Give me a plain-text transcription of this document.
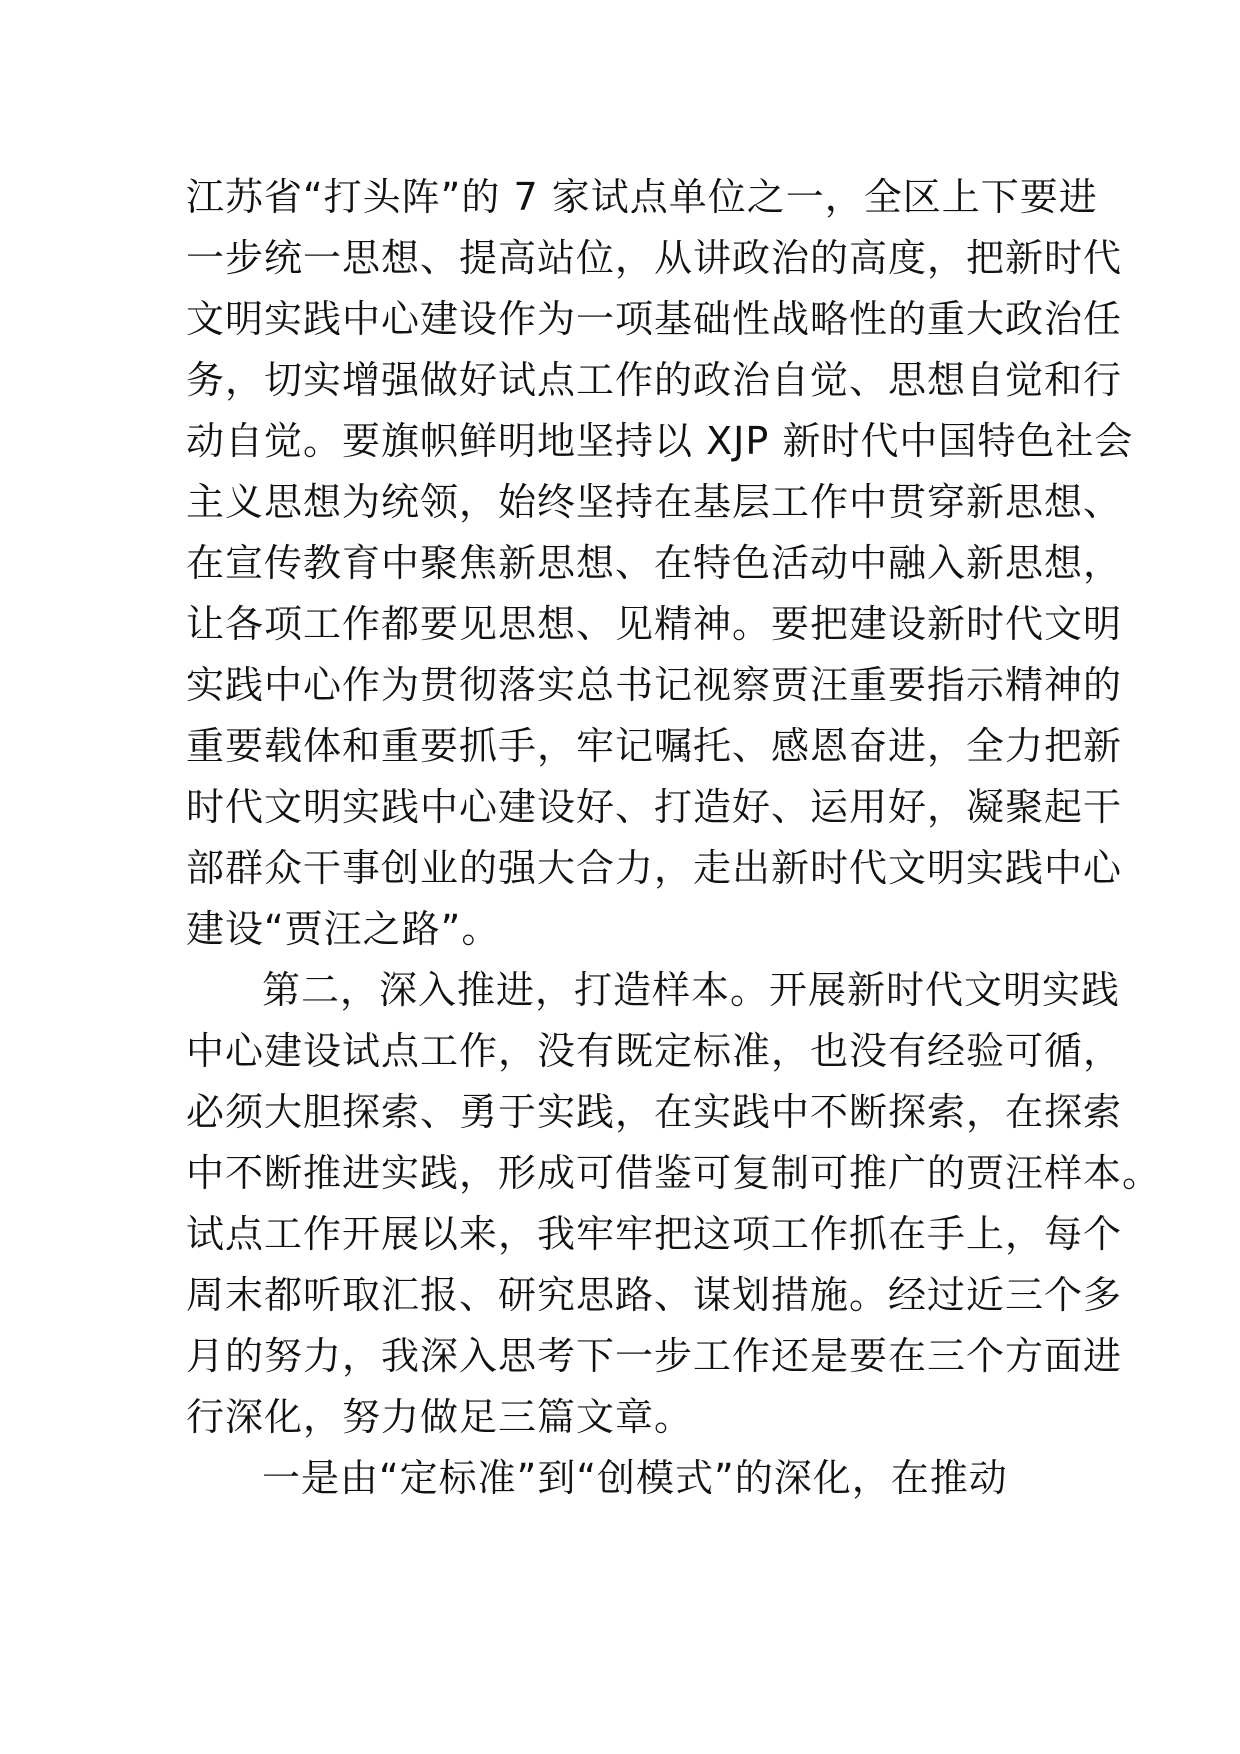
江苏省“打头阵”的 7 家试点单位之一，全区上下要进
一步统一思想、提高站位，从讲政治的高度，把新时代
文明实践中心建设作为一项基础性战略性的重大政治任
务，切实增强做好试点工作的政治自觉、思想自觉和行
动自觉。要旗帜鲜明地坚持以 XJP 新时代中国特色社会
主义思想为统领，始终坚持在基层工作中贯穿新思想、
在宣传教育中聚焦新思想、在特色活动中融入新思想，
让各项工作都要见思想、见精神。要把建设新时代文明
实践中心作为贯彻落实总书记视察贾汪重要指示精神的
重要载体和重要抓手，牢记嘱托、感恩奋进，全力把新
时代文明实践中心建设好、打造好、运用好，凝聚起干
部群众干事创业的强大合力，走出新时代文明实践中心
建设“贾汪之路”。
第二，深入推进，打造样本。开展新时代文明实践
中心建设试点工作，没有既定标准，也没有经验可循，
必须大胆探索、勇于实践，在实践中不断探索，在探索
中不断推进实践，形成可借鉴可复制可推广的贾汪样本。
试点工作开展以来，我牢牢把这项工作抓在手上，每个
周末都听取汇报、研究思路、谋划措施。经过近三个多
月的努力，我深入思考下一步工作还是要在三个方面进
行深化，努力做足三篇文章。
一是由“定标准”到“创模式”的深化，在推动
